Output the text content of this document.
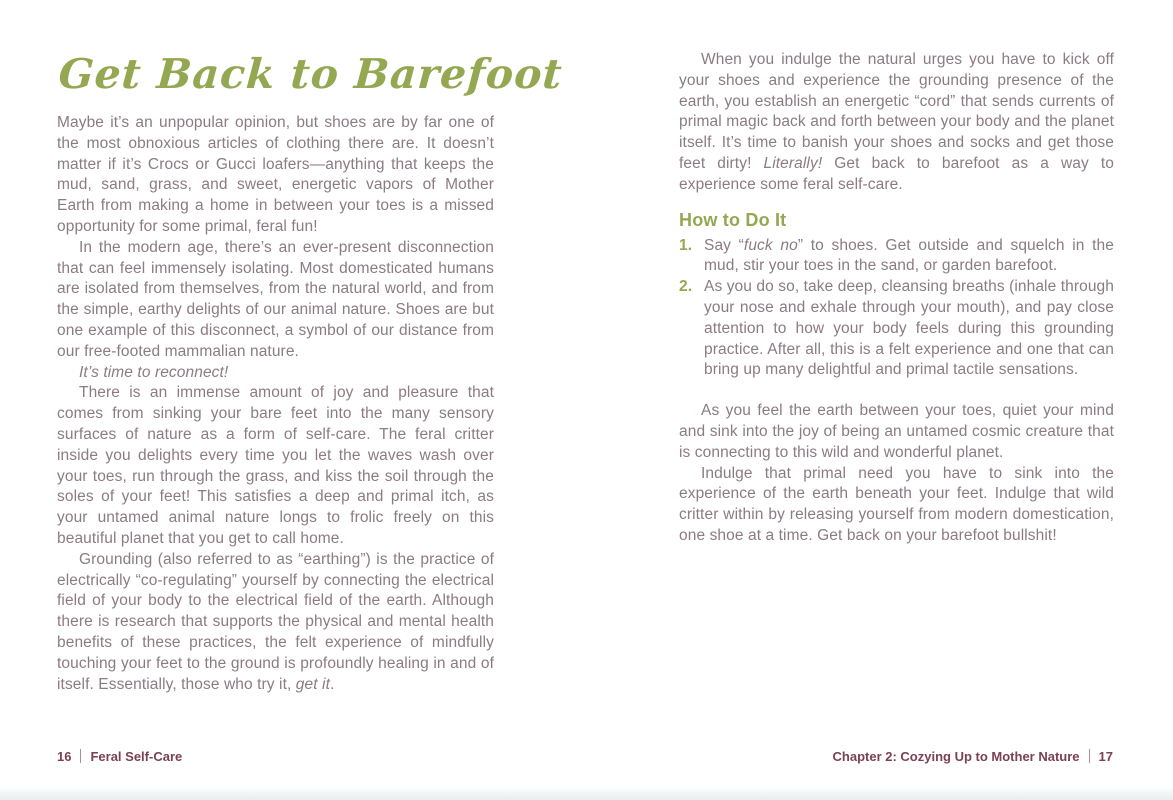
Get Back to Barefoot

Maybe it’s an unpopular opinion, but shoes are by far one of the most obnoxious articles of clothing there are. It doesn’t matter if it’s Crocs or Gucci loafers—anything that keeps the mud, sand, grass, and sweet, energetic vapors of Mother Earth from making a home in between your toes is a missed opportunity for some primal, feral fun!

In the modern age, there’s an ever-present disconnection that can feel immensely isolating. Most domesticated humans are isolated from themselves, from the natural world, and from the simple, earthy delights of our animal nature. Shoes are but one example of this disconnect, a symbol of our distance from our free-footed mammalian nature.

It’s time to reconnect!

There is an immense amount of joy and pleasure that comes from sinking your bare feet into the many sensory surfaces of nature as a form of self-care. The feral critter inside you delights every time you let the waves wash over your toes, run through the grass, and kiss the soil through the soles of your feet! This satisfies a deep and primal itch, as your untamed animal nature longs to frolic freely on this beautiful planet that you get to call home.

Grounding (also referred to as “earthing”) is the practice of electrically “co-regulating” yourself by connecting the electrical field of your body to the electrical field of the earth. Although there is research that supports the physical and mental health benefits of these practices, the felt experience of mindfully touching your feet to the ground is profoundly healing in and of itself. Essentially, those who try it, get it.

When you indulge the natural urges you have to kick off your shoes and experience the grounding presence of the earth, you establish an energetic “cord” that sends currents of primal magic back and forth between your body and the planet itself. It’s time to banish your shoes and socks and get those feet dirty! Literally! Get back to barefoot as a way to experience some feral self-care.

How to Do It
1. Say “fuck no” to shoes. Get outside and squelch in the mud, stir your toes in the sand, or garden barefoot.
2. As you do so, take deep, cleansing breaths (inhale through your nose and exhale through your mouth), and pay close attention to how your body feels during this grounding practice. After all, this is a felt experience and one that can bring up many delightful and primal tactile sensations.

As you feel the earth between your toes, quiet your mind and sink into the joy of being an untamed cosmic creature that is connecting to this wild and wonderful planet.

Indulge that primal need you have to sink into the experience of the earth beneath your feet. Indulge that wild critter within by releasing yourself from modern domestication, one shoe at a time. Get back on your barefoot bullshit!

16 Feral Self-Care	Chapter 2: Cozying Up to Mother Nature 17
